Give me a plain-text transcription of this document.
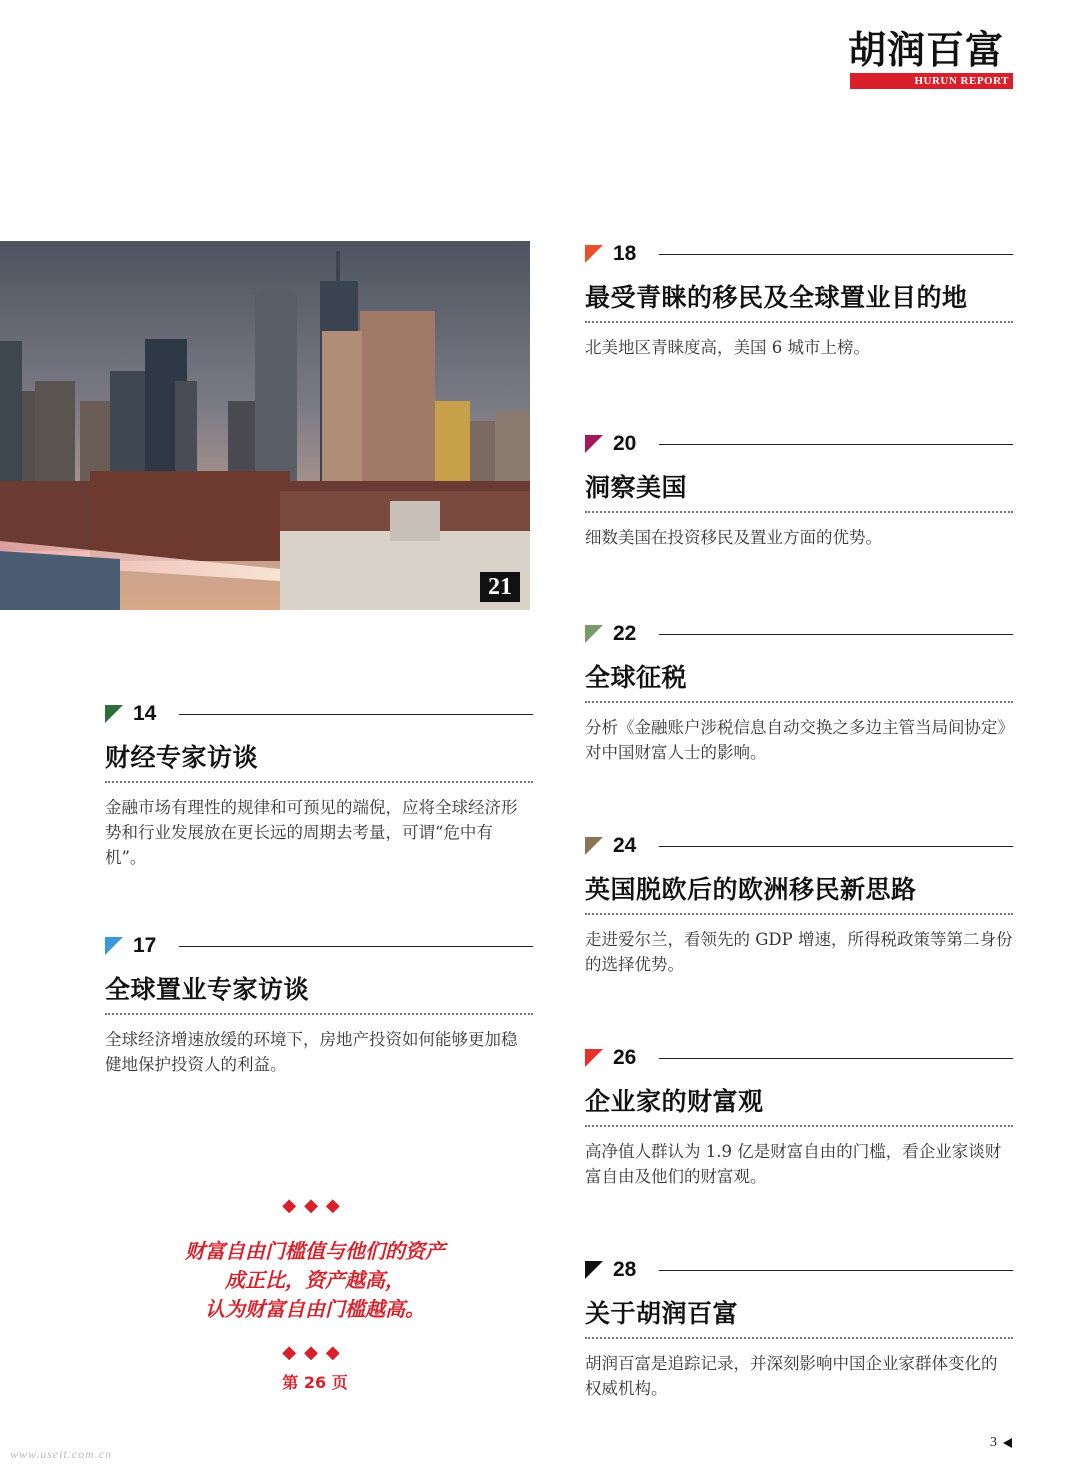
胡润百富
HURUN REPORT
21
18
最受青睐的移民及全球置业目的地
北美地区青睐度高，美国 6 城市上榜。
20
洞察美国
细数美国在投资移民及置业方面的优势。
22
全球征税
分析《金融账户涉税信息自动交换之多边主管当局间协定》对中国财富人士的影响。
24
英国脱欧后的欧洲移民新思路
走进爱尔兰，看领先的 GDP 增速，所得税政策等第二身份的选择优势。
26
企业家的财富观
高净值人群认为 1.9 亿是财富自由的门槛，看企业家谈财富自由及他们的财富观。
28
关于胡润百富
胡润百富是追踪记录，并深刻影响中国企业家群体变化的权威机构。
14
财经专家访谈
金融市场有理性的规律和可预见的端倪，应将全球经济形势和行业发展放在更长远的周期去考量，可谓“危中有机”。
17
全球置业专家访谈
全球经济增速放缓的环境下，房地产投资如何能够更加稳健地保护投资人的利益。
◆◆◆
财富自由门槛值与他们的资产
成正比，资产越高，
认为财富自由门槛越高。
◆◆◆
第 26 页
3
www.useit.com.cn
